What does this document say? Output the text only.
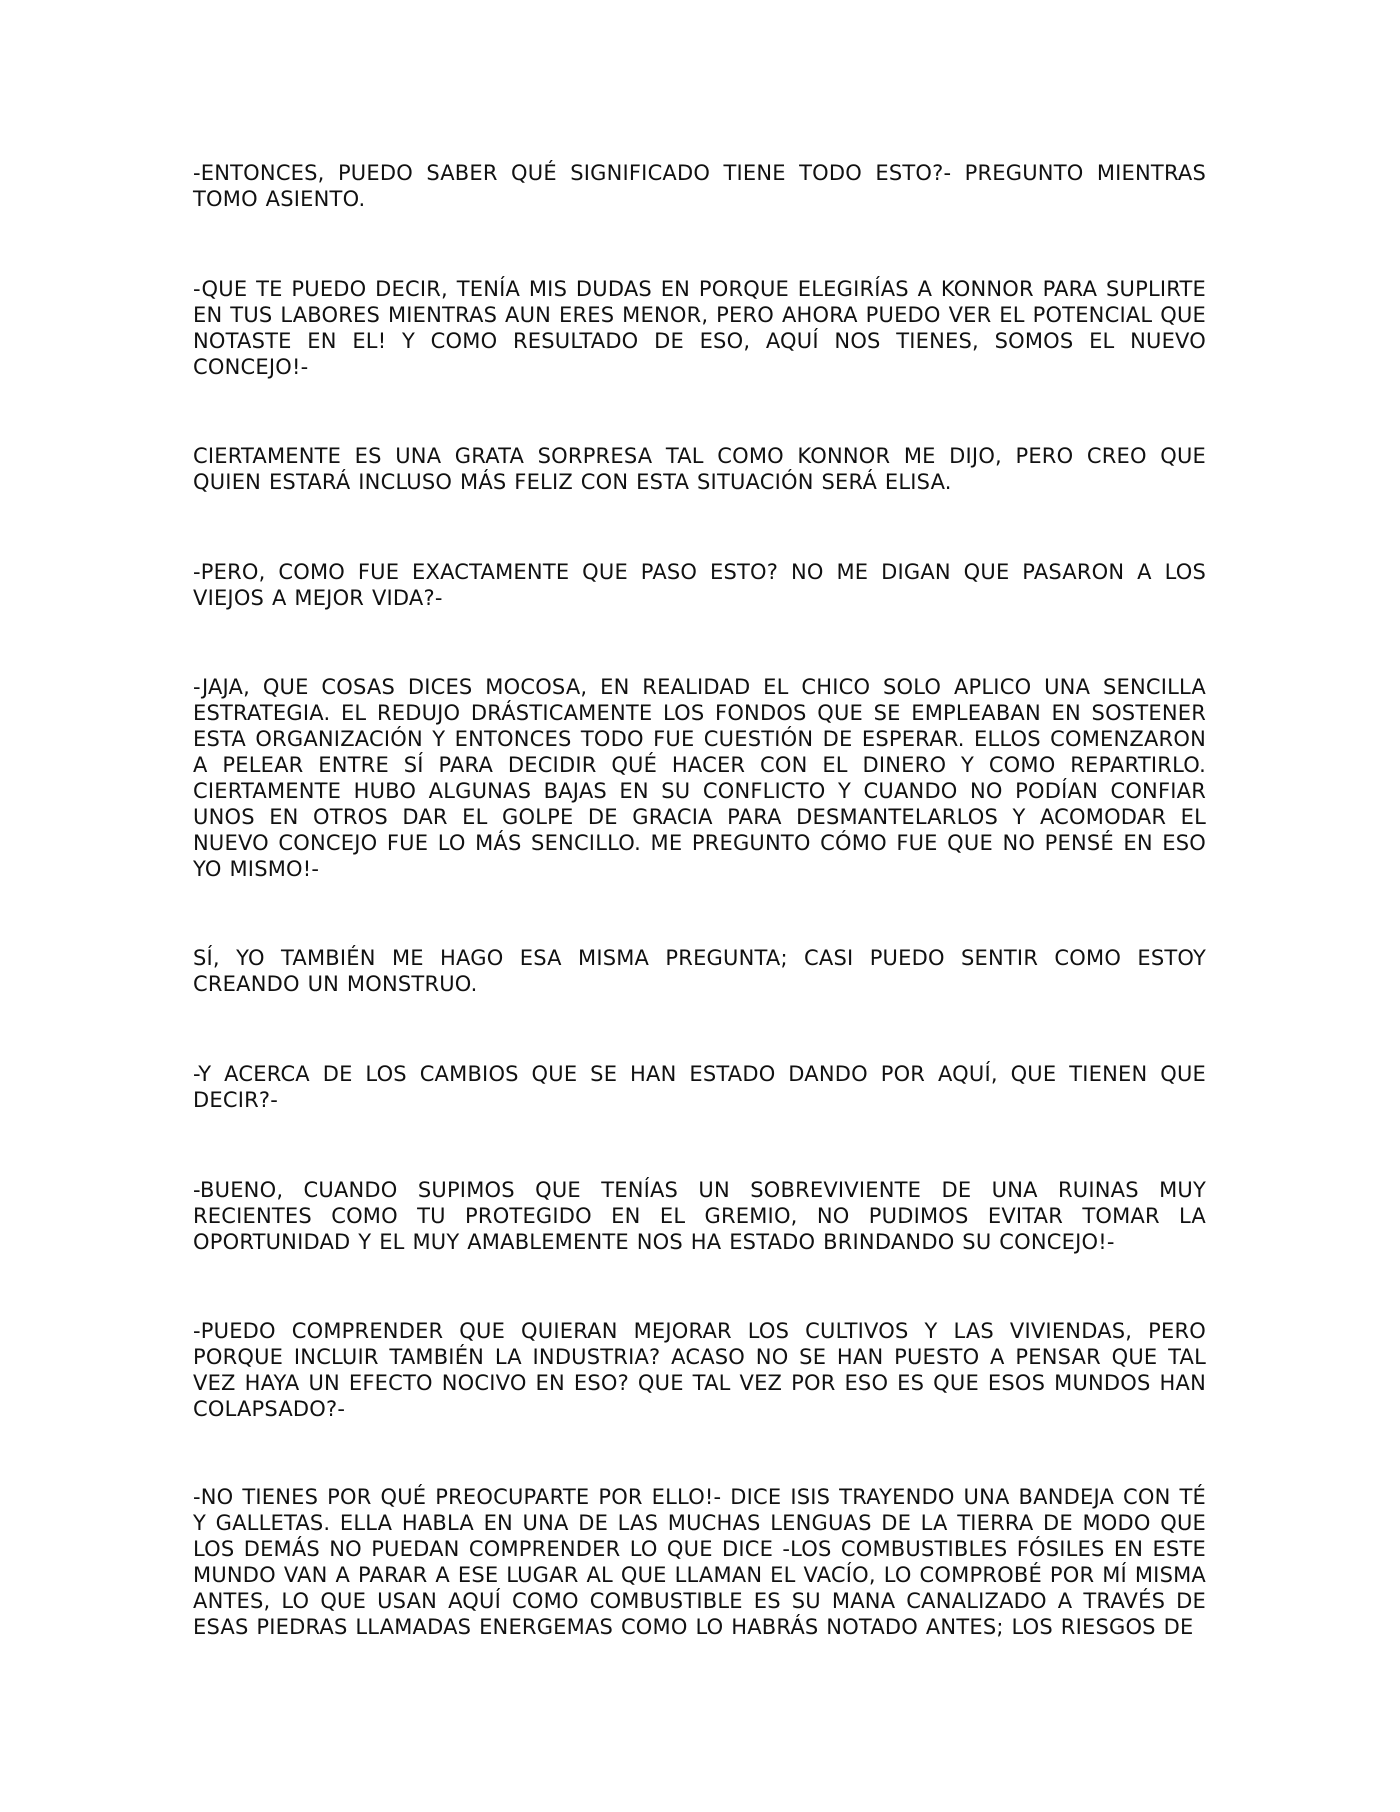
-ENTONCES, PUEDO SABER QUÉ SIGNIFICADO TIENE TODO ESTO?- PREGUNTO MIENTRAS TOMO ASIENTO.

-QUE TE PUEDO DECIR, TENÍA MIS DUDAS EN PORQUE ELEGIRÍAS A KONNOR PARA SUPLIRTE EN TUS LABORES MIENTRAS AUN ERES MENOR, PERO AHORA PUEDO VER EL POTENCIAL QUE NOTASTE EN EL! Y COMO RESULTADO DE ESO, AQUÍ NOS TIENES, SOMOS EL NUEVO CONCEJO!-

CIERTAMENTE ES UNA GRATA SORPRESA TAL COMO KONNOR ME DIJO, PERO CREO QUE QUIEN ESTARÁ INCLUSO MÁS FELIZ CON ESTA SITUACIÓN SERÁ ELISA.

-PERO, COMO FUE EXACTAMENTE QUE PASO ESTO? NO ME DIGAN QUE PASARON A LOS VIEJOS A MEJOR VIDA?-

-JAJA, QUE COSAS DICES MOCOSA, EN REALIDAD EL CHICO SOLO APLICO UNA SENCILLA ESTRATEGIA. EL REDUJO DRÁSTICAMENTE LOS FONDOS QUE SE EMPLEABAN EN SOSTENER ESTA ORGANIZACIÓN Y ENTONCES TODO FUE CUESTIÓN DE ESPERAR. ELLOS COMENZARON A PELEAR ENTRE SÍ PARA DECIDIR QUÉ HACER CON EL DINERO Y COMO REPARTIRLO. CIERTAMENTE HUBO ALGUNAS BAJAS EN SU CONFLICTO Y CUANDO NO PODÍAN CONFIAR UNOS EN OTROS DAR EL GOLPE DE GRACIA PARA DESMANTELARLOS Y ACOMODAR EL NUEVO CONCEJO FUE LO MÁS SENCILLO. ME PREGUNTO CÓMO FUE QUE NO PENSÉ EN ESO YO MISMO!-

SÍ, YO TAMBIÉN ME HAGO ESA MISMA PREGUNTA; CASI PUEDO SENTIR COMO ESTOY CREANDO UN MONSTRUO.

-Y ACERCA DE LOS CAMBIOS QUE SE HAN ESTADO DANDO POR AQUÍ, QUE TIENEN QUE DECIR?-

-BUENO, CUANDO SUPIMOS QUE TENÍAS UN SOBREVIVIENTE DE UNA RUINAS MUY RECIENTES COMO TU PROTEGIDO EN EL GREMIO, NO PUDIMOS EVITAR TOMAR LA OPORTUNIDAD Y EL MUY AMABLEMENTE NOS HA ESTADO BRINDANDO SU CONCEJO!-

-PUEDO COMPRENDER QUE QUIERAN MEJORAR LOS CULTIVOS Y LAS VIVIENDAS, PERO PORQUE INCLUIR TAMBIÉN LA INDUSTRIA? ACASO NO SE HAN PUESTO A PENSAR QUE TAL VEZ HAYA UN EFECTO NOCIVO EN ESO? QUE TAL VEZ POR ESO ES QUE ESOS MUNDOS HAN COLAPSADO?-

-NO TIENES POR QUÉ PREOCUPARTE POR ELLO!- DICE ISIS TRAYENDO UNA BANDEJA CON TÉ Y GALLETAS. ELLA HABLA EN UNA DE LAS MUCHAS LENGUAS DE LA TIERRA DE MODO QUE LOS DEMÁS NO PUEDAN COMPRENDER LO QUE DICE -LOS COMBUSTIBLES FÓSILES EN ESTE MUNDO VAN A PARAR A ESE LUGAR AL QUE LLAMAN EL VACÍO, LO COMPROBÉ POR MÍ MISMA ANTES, LO QUE USAN AQUÍ COMO COMBUSTIBLE ES SU MANA CANALIZADO A TRAVÉS DE ESAS PIEDRAS LLAMADAS ENERGEMAS COMO LO HABRÁS NOTADO ANTES; LOS RIESGOS DE
